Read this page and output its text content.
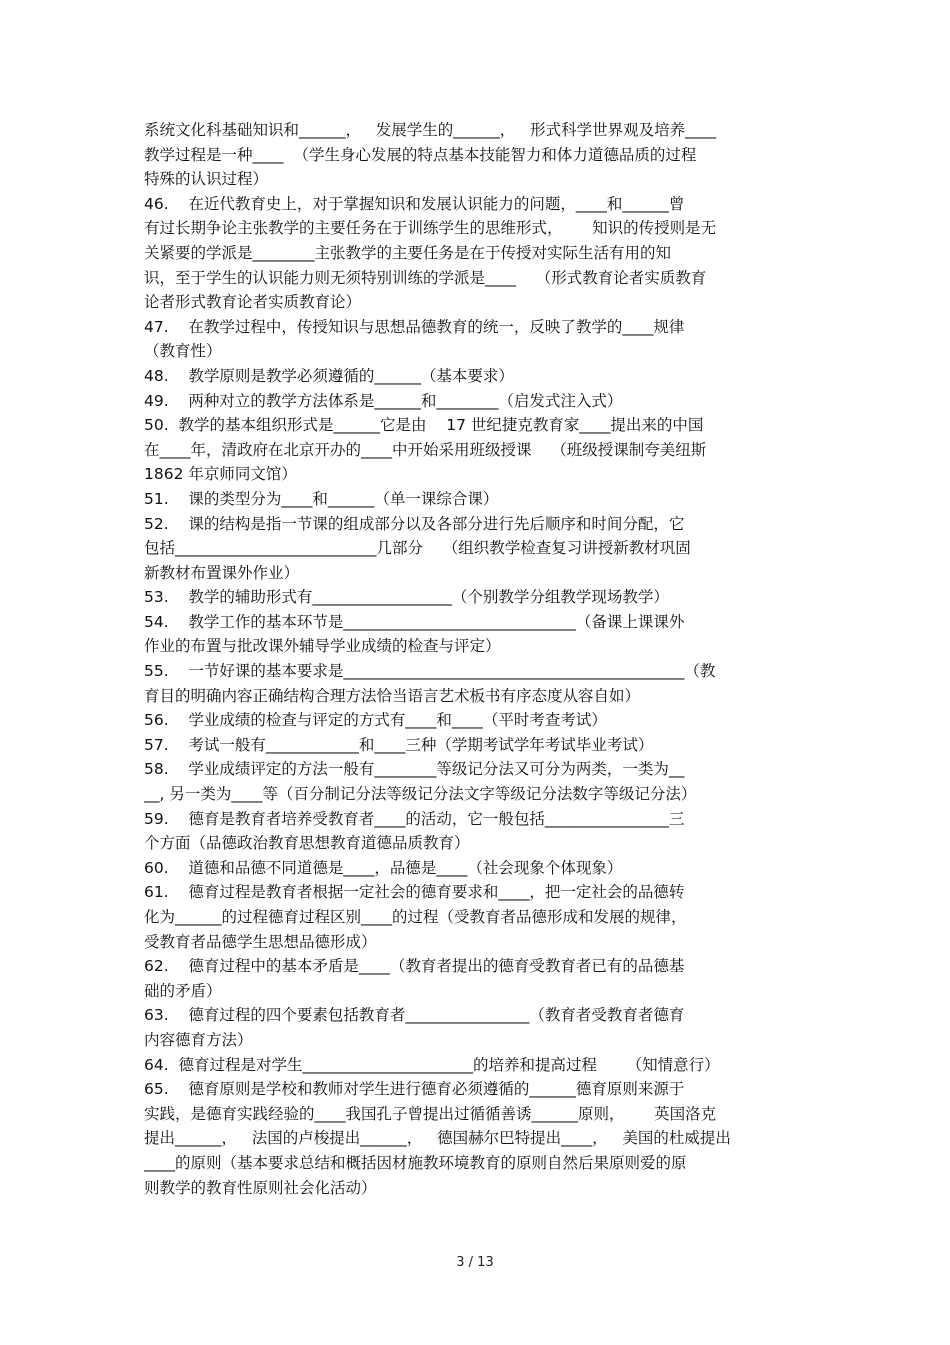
系统文化科基础知识和______，   发展学生的______，   形式科学世界观及培养____
教学过程是一种____  （学生身心发展的特点基本技能智力和体力道德品质的过程
特殊的认识过程）
46.    在近代教育史上，对于掌握知识和发展认识能力的问题，____和______曾
有过长期争论主张教学的主要任务在于训练学生的思维形式，      知识的传授则是无
关紧要的学派是________主张教学的主要任务是在于传授对实际生活有用的知
识，至于学生的认识能力则无须特别训练的学派是____    （形式教育论者实质教育
论者形式教育论者实质教育论）
47.    在教学过程中，传授知识与思想品德教育的统一，反映了教学的____规律
（教育性）
48.    教学原则是教学必须遵循的______（基本要求）
49.    两种对立的教学方法体系是______和________（启发式注入式）
50.  教学的基本组织形式是______它是由    17 世纪捷克教育家____提出来的中国
在____年，清政府在北京开办的____中开始采用班级授课    （班级授课制夸美纽斯
1862 年京师同文馆）
51.    课的类型分为____和______（单一课综合课）
52.    课的结构是指一节课的组成部分以及各部分进行先后顺序和时间分配，它
包括__________________________几部分    （组织教学检查复习讲授新教材巩固
新教材布置课外作业）
53.    教学的辅助形式有__________________（个别教学分组教学现场教学）
54.    教学工作的基本环节是______________________________（备课上课课外
作业的布置与批改课外辅导学业成绩的检查与评定）
55.    一节好课的基本要求是____________________________________________（教
育目的明确内容正确结构合理方法恰当语言艺术板书有序态度从容自如）
56.    学业成绩的检查与评定的方式有____和____（平时考查考试）
57.    考试一般有____________和____三种（学期考试学年考试毕业考试）
58.    学业成绩评定的方法一般有________等级记分法又可分为两类，一类为__
__, 另一类为____等（百分制记分法等级记分法文字等级记分法数字等级记分法）
59.    德育是教育者培养受教育者____的活动，它一般包括________________三
个方面（品德政治教育思想教育道德品质教育）
60.    道德和品德不同道德是____，品德是____（社会现象个体现象）
61.    德育过程是教育者根据一定社会的德育要求和____，把一定社会的品德转
化为______的过程德育过程区别____的过程（受教育者品德形成和发展的规律，
受教育者品德学生思想品德形成）
62.    德育过程中的基本矛盾是____（教育者提出的德育受教育者已有的品德基
础的矛盾）
63.    德育过程的四个要素包括教育者________________（教育者受教育者德育
内容德育方法）
64.  德育过程是对学生______________________的培养和提高过程      （知情意行）
65.    德育原则是学校和教师对学生进行德育必须遵循的______德育原则来源于
实践，是德育实践经验的____我国孔子曾提出过循循善诱______原则，      英国洛克
提出______，   法国的卢梭提出______，   德国赫尔巴特提出____，   美国的杜威提出
____的原则（基本要求总结和概括因材施教环境教育的原则自然后果原则爱的原
则教学的教育性原则社会化活动）
3 / 13
